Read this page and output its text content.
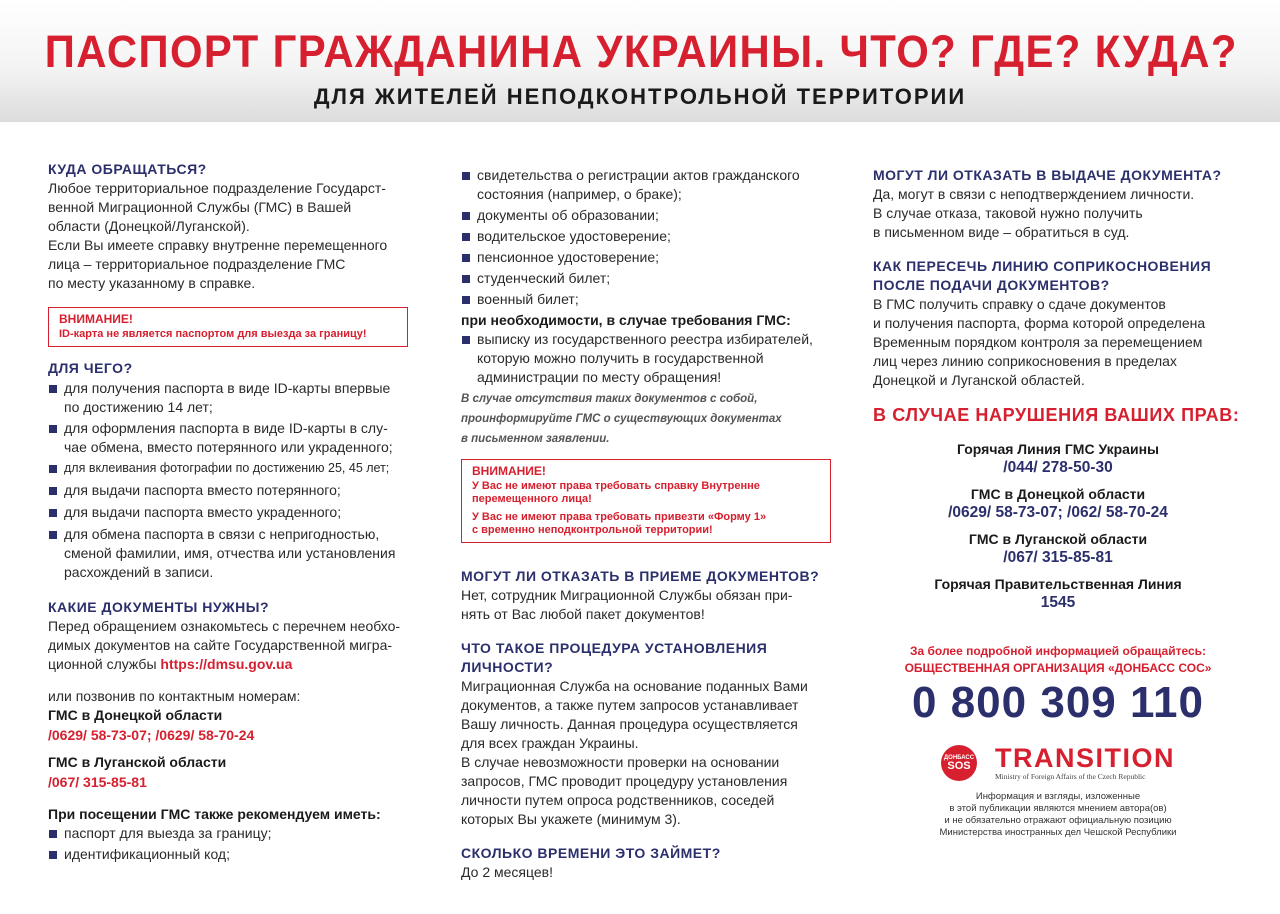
ПАСПОРТ ГРАЖДАНИНА УКРАИНЫ. ЧТО? ГДЕ? КУДА?
ДЛЯ ЖИТЕЛЕЙ НЕПОДКОНТРОЛЬНОЙ ТЕРРИТОРИИ
КУДА ОБРАЩАТЬСЯ?
Любое территориальное подразделение Государст-
венной Миграционной Службы (ГМС) в Вашей
области (Донецкой/Луганской).
Если Вы имеете справку внутренне перемещенного
лица – территориальное подразделение ГМС
по месту указанному в справке.
ВНИМАНИЕ!
ID-карта не является паспортом для выезда за границу!
ДЛЯ ЧЕГО?
для получения паспорта в виде ID-карты впервые
по достижению 14 лет;
для оформления паспорта в виде ID-карты в слу-
чае обмена, вместо потерянного или украденного;
для вклеивания фотографии по достижению 25, 45 лет;
для выдачи паспорта вместо потерянного;
для выдачи паспорта вместо украденного;
для обмена паспорта в связи с непригодностью,
сменой фамилии, имя, отчества или установления
расхождений в записи.
КАКИЕ ДОКУМЕНТЫ НУЖНЫ?
Перед обращением ознакомьтесь с перечнем необхо-
димых документов на сайте Государственной мигра-
ционной службы https://dmsu.gov.ua
или позвонив по контактным номерам:
ГМС в Донецкой области
/0629/ 58-73-07; /0629/ 58-70-24
ГМС в Луганской области
/067/ 315-85-81
При посещении ГМС также рекомендуем иметь:
паспорт для выезда за границу;
идентификационный код;
свидетельства о регистрации актов гражданского
состояния (например, о браке);
документы об образовании;
водительское удостоверение;
пенсионное удостоверение;
студенческий билет;
военный билет;
при необходимости, в случае требования ГМС:
выписку из государственного реестра избирателей,
которую можно получить в государственной
администрации по месту обращения!
В случае отсутствия таких документов с собой,
проинформируйте ГМС о существующих документах
в письменном заявлении.
ВНИМАНИЕ!
У Вас не имеют права требовать справку Внутренне
перемещенного лица!
У Вас не имеют права требовать привезти «Форму 1»
с временно неподконтрольной территории!
МОГУТ ЛИ ОТКАЗАТЬ В ПРИЕМЕ ДОКУМЕНТОВ?
Нет, сотрудник Миграционной Службы обязан при-
нять от Вас любой пакет документов!
ЧТО ТАКОЕ ПРОЦЕДУРА УСТАНОВЛЕНИЯ ЛИЧНОСТИ?
Миграционная Служба на основание поданных Вами
документов, а также путем запросов устанавливает
Вашу личность. Данная процедура осуществляется
для всех граждан Украины.
В случае невозможности проверки на основании
запросов, ГМС проводит процедуру установления
личности путем опроса родственников, соседей
которых Вы укажете (минимум 3).
СКОЛЬКО ВРЕМЕНИ ЭТО ЗАЙМЕТ?
До 2 месяцев!
МОГУТ ЛИ ОТКАЗАТЬ В ВЫДАЧЕ ДОКУМЕНТА?
Да, могут в связи с неподтверждением личности.
В случае отказа, таковой нужно получить
в письменном виде – обратиться в суд.
КАК ПЕРЕСЕЧЬ ЛИНИЮ СОПРИКОСНОВЕНИЯ
ПОСЛЕ ПОДАЧИ ДОКУМЕНТОВ?
В ГМС получить справку о сдаче документов
и получения паспорта, форма которой определена
Временным порядком контроля за перемещением
лиц через линию соприкосновения в пределах
Донецкой и Луганской областей.
В СЛУЧАЕ НАРУШЕНИЯ ВАШИХ ПРАВ:
Горячая Линия ГМС Украины
/044/ 278-50-30
ГМС в Донецкой области
/0629/ 58-73-07; /062/ 58-70-24
ГМС в Луганской области
/067/ 315-85-81
Горячая Правительственная Линия
1545
За более подробной информацией обращайтесь:
ОБЩЕСТВЕННАЯ ОРГАНИЗАЦИЯ «ДОНБАСС СОС»
0 800 309 110
ДОНБАСС
SOS TRANSITION
Ministry of Foreign Affairs of the Czech Republic
Информация и взгляды, изложенные
в этой публикации являются мнением автора(ов)
и не обязательно отражают официальную позицию
Министерства иностранных дел Чешской Республики
